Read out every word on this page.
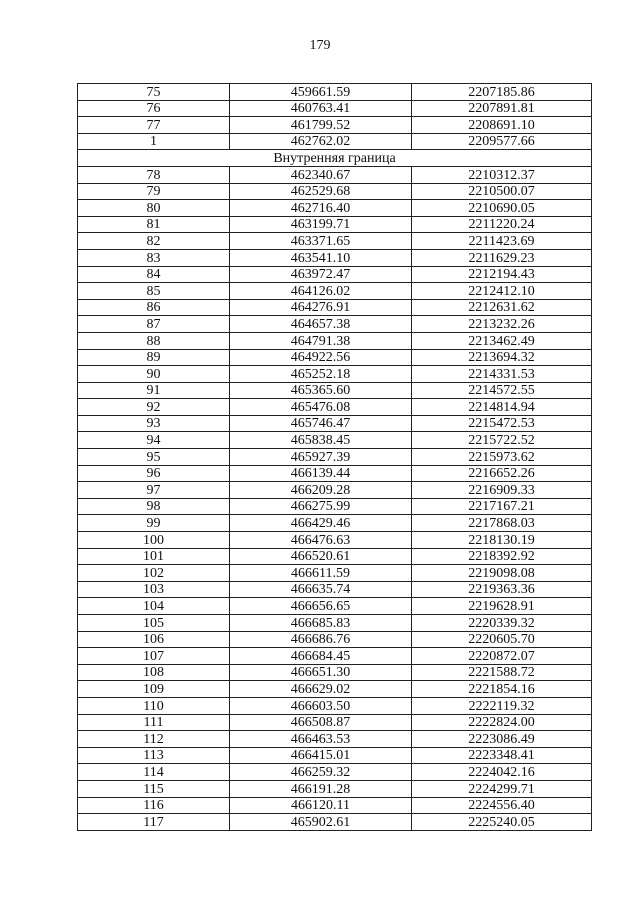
179
75	459661.59	2207185.86
76	460763.41	2207891.81
77	461799.52	2208691.10
1	462762.02	2209577.66
Внутренняя граница		
78	462340.67	2210312.37
79	462529.68	2210500.07
80	462716.40	2210690.05
81	463199.71	2211220.24
82	463371.65	2211423.69
83	463541.10	2211629.23
84	463972.47	2212194.43
85	464126.02	2212412.10
86	464276.91	2212631.62
87	464657.38	2213232.26
88	464791.38	2213462.49
89	464922.56	2213694.32
90	465252.18	2214331.53
91	465365.60	2214572.55
92	465476.08	2214814.94
93	465746.47	2215472.53
94	465838.45	2215722.52
95	465927.39	2215973.62
96	466139.44	2216652.26
97	466209.28	2216909.33
98	466275.99	2217167.21
99	466429.46	2217868.03
100	466476.63	2218130.19
101	466520.61	2218392.92
102	466611.59	2219098.08
103	466635.74	2219363.36
104	466656.65	2219628.91
105	466685.83	2220339.32
106	466686.76	2220605.70
107	466684.45	2220872.07
108	466651.30	2221588.72
109	466629.02	2221854.16
110	466603.50	2222119.32
111	466508.87	2222824.00
112	466463.53	2223086.49
113	466415.01	2223348.41
114	466259.32	2224042.16
115	466191.28	2224299.71
116	466120.11	2224556.40
117	465902.61	2225240.05
